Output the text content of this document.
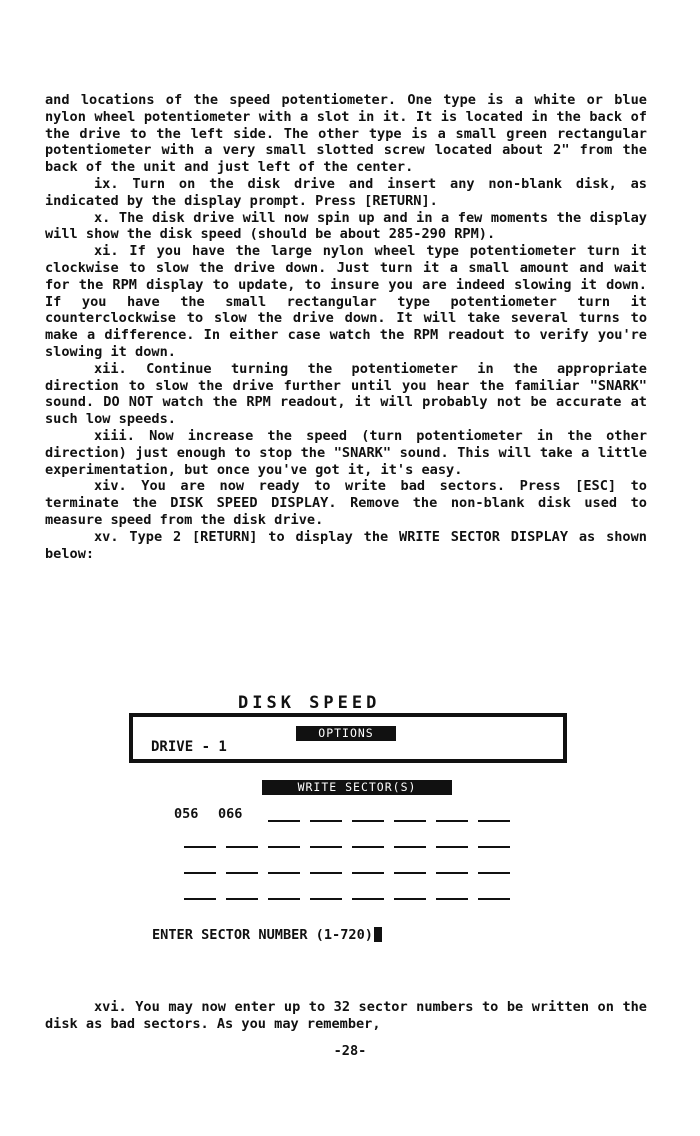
and locations of the speed potentiometer. One type is a white or blue nylon wheel potentiometer with a slot in it. It is located in the back of the drive to the left side. The other type is a small green rectangular potentiometer with a very small slotted screw located about 2" from the back of the unit and just left of the center.

ix. Turn on the disk drive and insert any non-blank disk, as indicated by the display prompt. Press [RETURN].

x. The disk drive will now spin up and in a few moments the display will show the disk speed (should be about 285-290 RPM).

xi. If you have the large nylon wheel type potentiometer turn it clockwise to slow the drive down. Just turn it a small amount and wait for the RPM display to update, to insure you are indeed slowing it down. If you have the small rectangular type potentiometer turn it counterclockwise to slow the drive down. It will take several turns to make a difference. In either case watch the RPM readout to verify you're slowing it down.

xii. Continue turning the potentiometer in the appropriate direction to slow the drive further until you hear the familiar "SNARK" sound. DO NOT watch the RPM readout, it will probably not be accurate at such low speeds.

xiii. Now increase the speed (turn potentiometer in the other direction) just enough to stop the "SNARK" sound. This will take a little experimentation, but once you've got it, it's easy.

xiv. You are now ready to write bad sectors. Press [ESC] to terminate the DISK SPEED DISPLAY. Remove the non-blank disk used to measure speed from the disk drive.

xv. Type 2 [RETURN] to display the WRITE SECTOR DISPLAY as shown below:

DISK SPEED
OPTIONS
DRIVE - 1
WRITE SECTOR(S)
056	066
ENTER SECTOR NUMBER (1-720)

xvi. You may now enter up to 32 sector numbers to be written on the disk as bad sectors. As you may remember,

-28-
